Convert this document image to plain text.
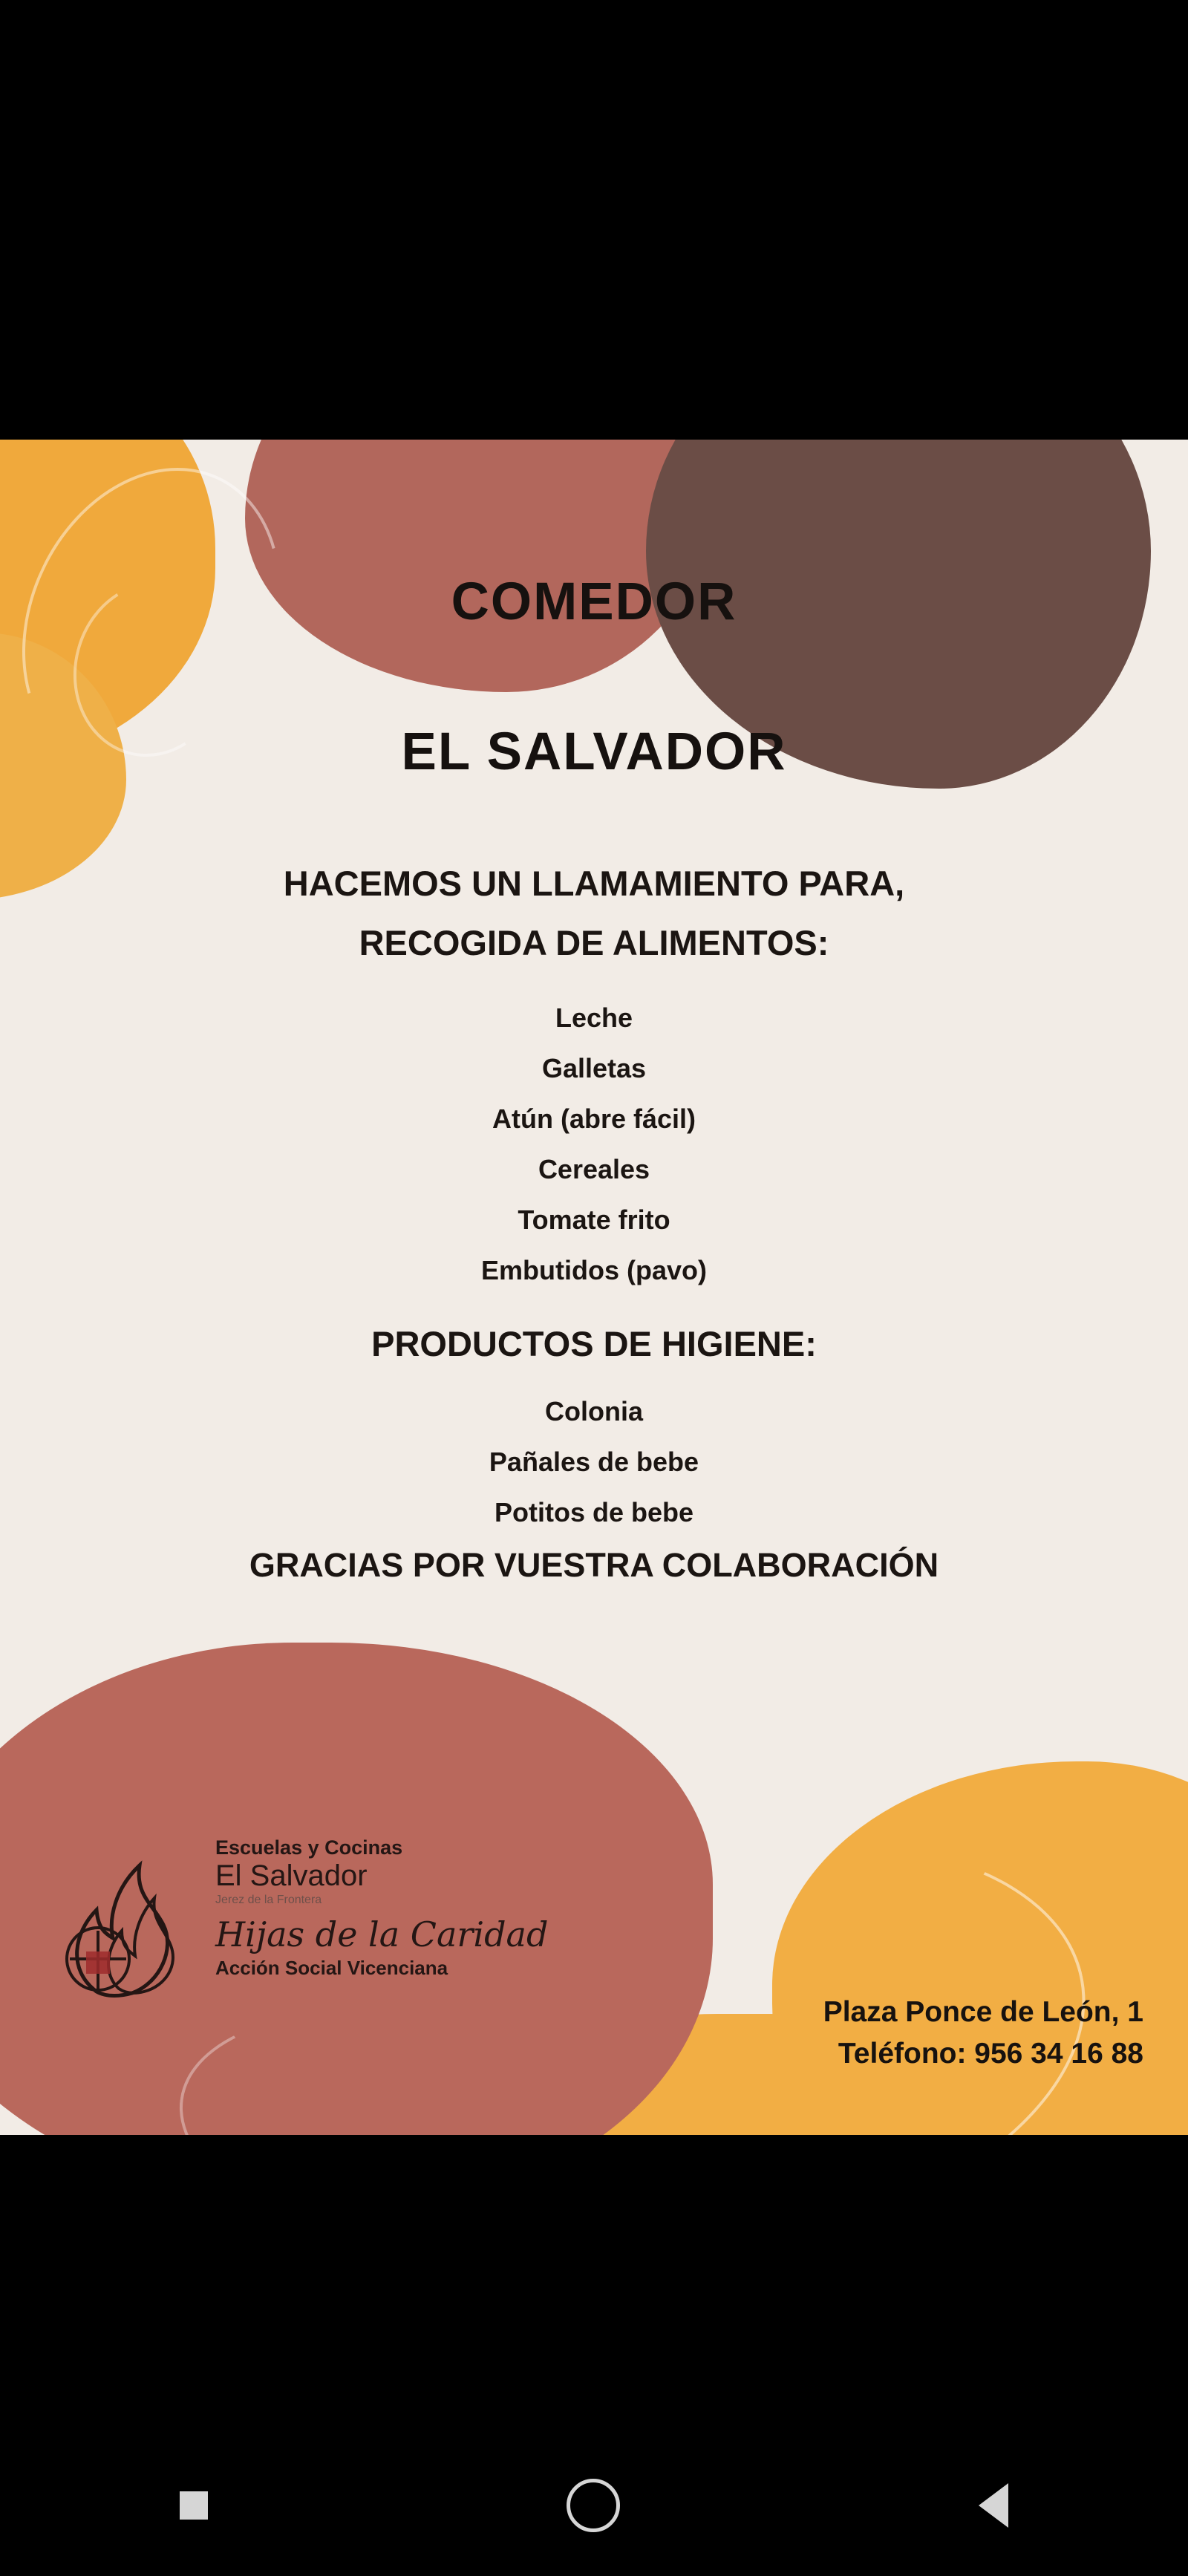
COMEDOR
EL SALVADOR
HACEMOS UN LLAMAMIENTO PARA,
RECOGIDA DE ALIMENTOS:
Leche
Galletas
Atún (abre fácil)
Cereales
Tomate frito
Embutidos (pavo)
PRODUCTOS DE HIGIENE:
Colonia
Pañales de bebe
Potitos de bebe
GRACIAS POR VUESTRA COLABORACIÓN
Escuelas y Cocinas
El Salvador
Jerez de la Frontera
Hijas de la Caridad
Acción Social Vicenciana
Plaza Ponce de León, 1
Teléfono: 956 34 16 88
